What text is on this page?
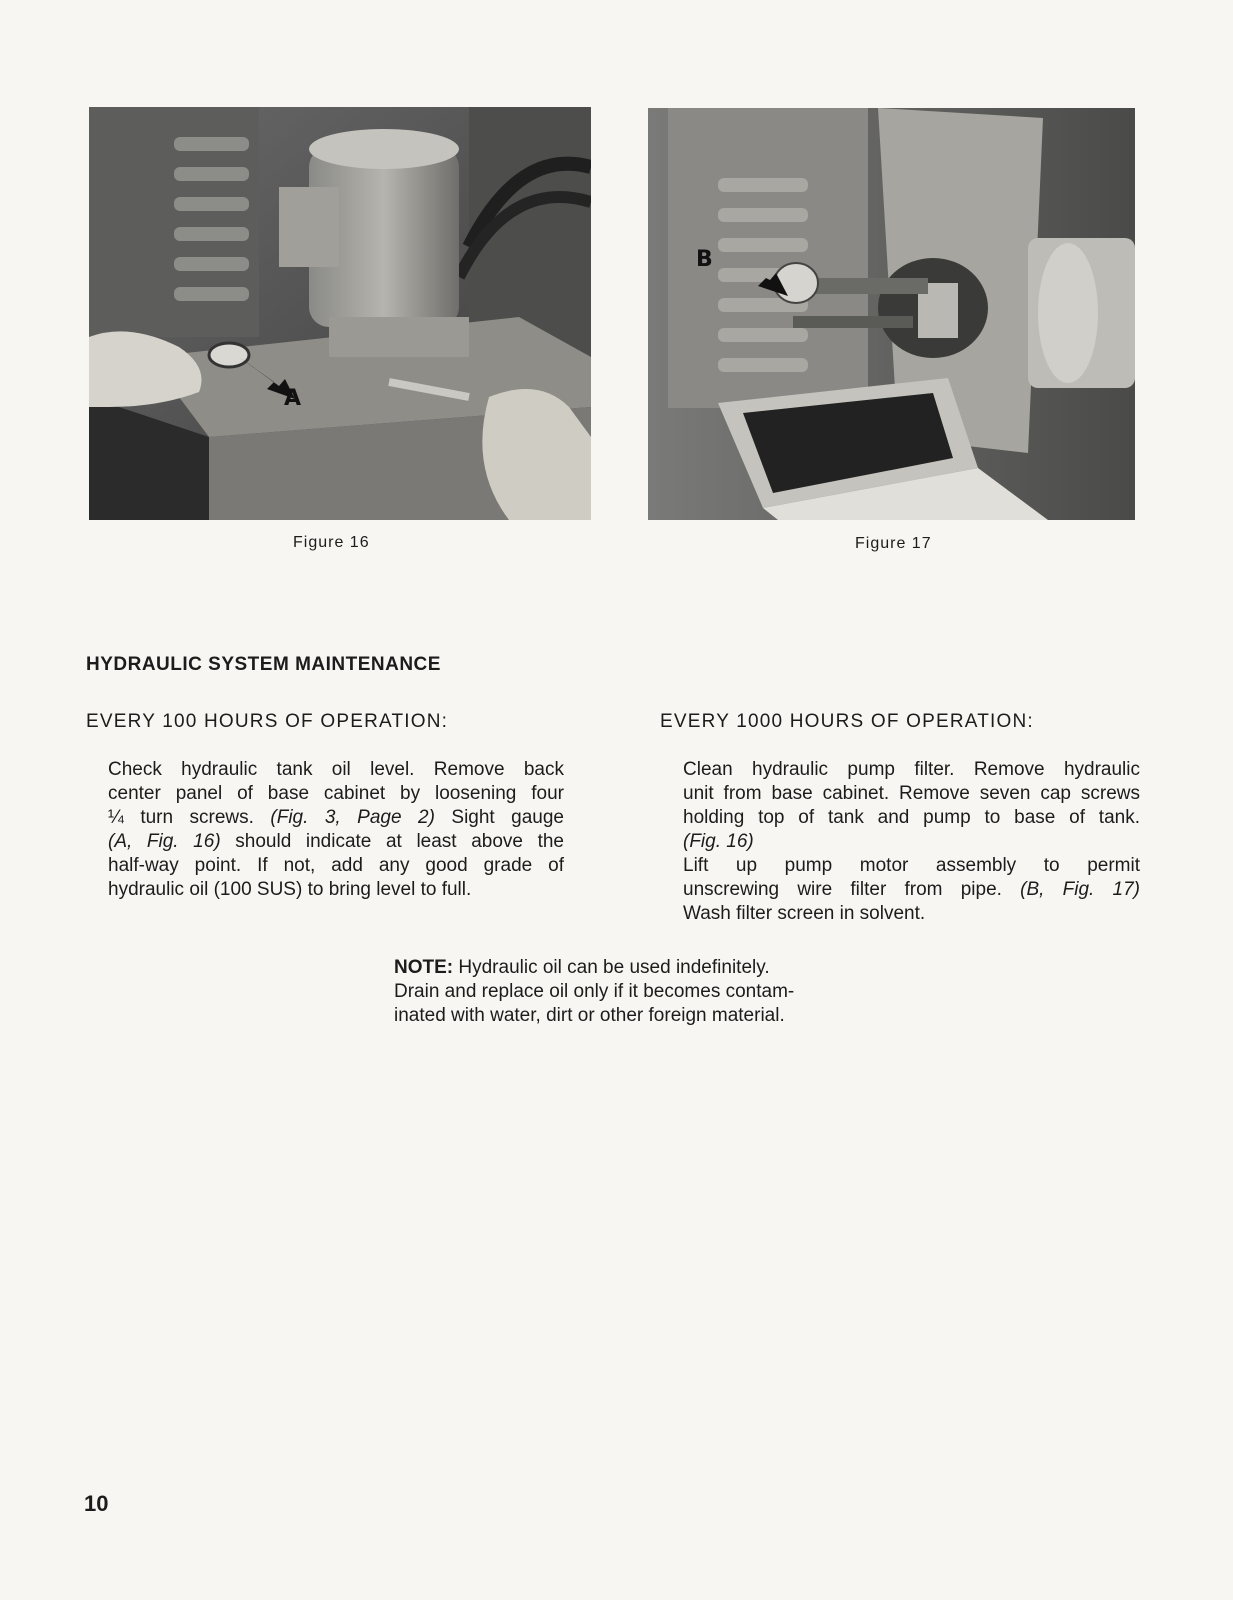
A
Figure 16
B
Figure 17
HYDRAULIC SYSTEM MAINTENANCE
EVERY 100 HOURS OF OPERATION:	EVERY 1000 HOURS OF OPERATION:
Check hydraulic tank oil level. Remove back
center panel of base cabinet by loosening four
¼ turn screws. (Fig. 3, Page 2) Sight gauge
(A, Fig. 16) should indicate at least above the
half-way point. If not, add any good grade of
hydraulic oil (100 SUS) to bring level to full.
Clean hydraulic pump filter. Remove hydraulic
unit from base cabinet. Remove seven cap screws
holding top of tank and pump to base of tank.
(Fig. 16)
Lift up pump motor assembly to permit
unscrewing wire filter from pipe. (B, Fig. 17)
Wash filter screen in solvent.
NOTE: Hydraulic oil can be used indefinitely.
Drain and replace oil only if it becomes contam-
inated with water, dirt or other foreign material.
10
